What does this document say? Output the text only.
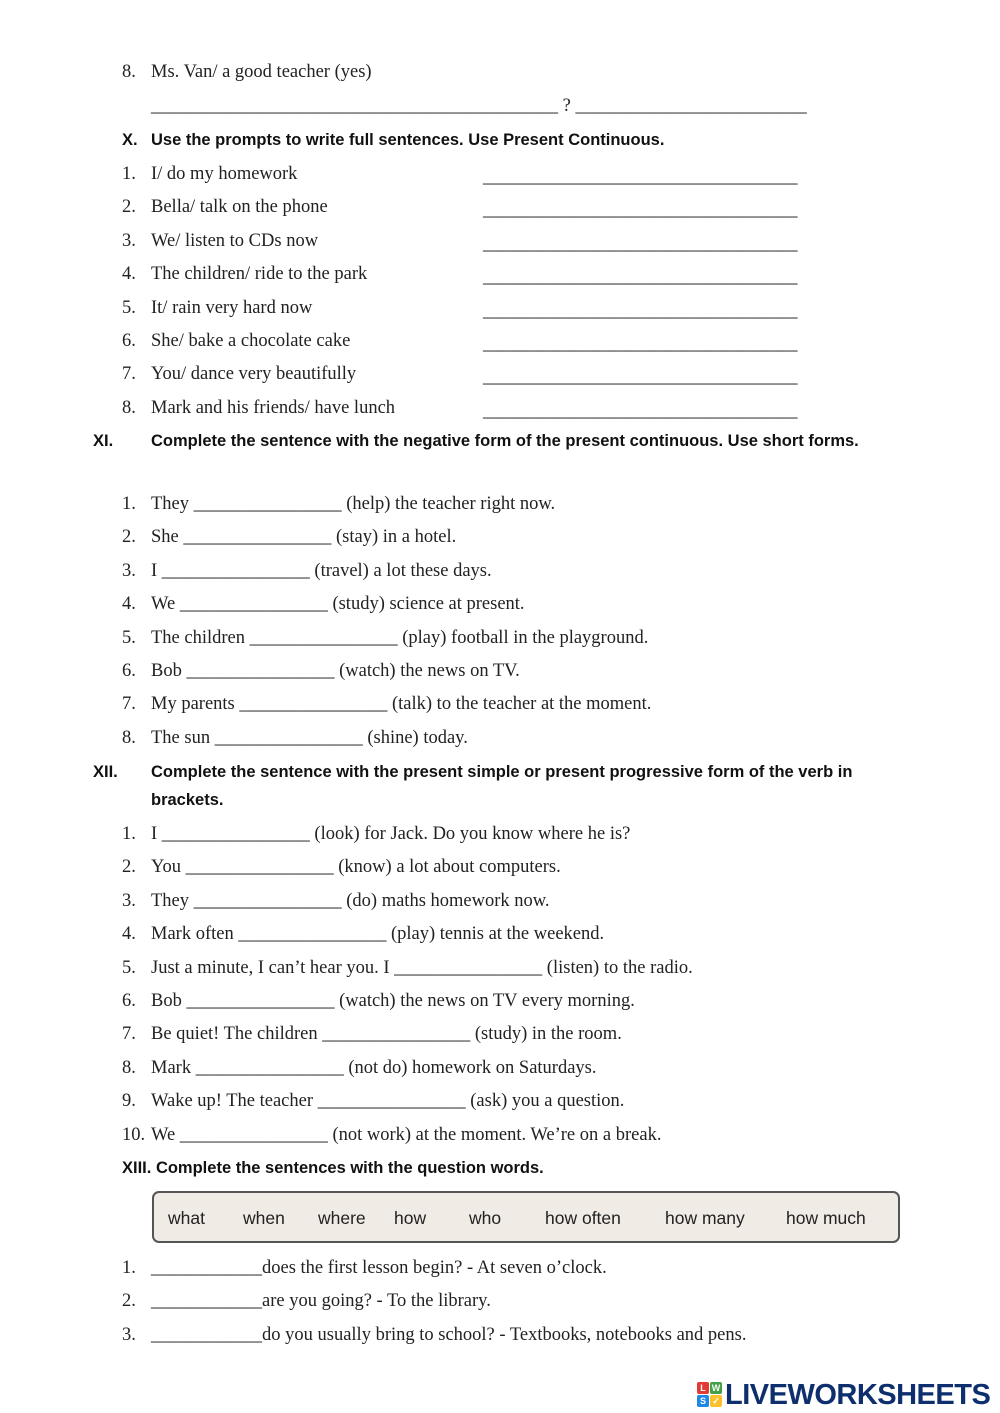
8. Ms. Van/ a good teacher (yes)
____________________________________________ ? _________________________
X. Use the prompts to write full sentences. Use Present Continuous.
1. I/ do my homework	__________________________________
2. Bella/ talk on the phone	__________________________________
3. We/ listen to CDs now	__________________________________
4. The children/ ride to the park	__________________________________
5. It/ rain very hard now	__________________________________
6. She/ bake a chocolate cake	__________________________________
7. You/ dance very beautifully	__________________________________
8. Mark and his friends/ have lunch	__________________________________
XI. Complete the sentence with the negative form of the present continuous. Use short forms.
1. They ________________ (help) the teacher right now.
2. She ________________ (stay) in a hotel.
3. I ________________ (travel) a lot these days.
4. We ________________ (study) science at present.
5. The children ________________ (play) football in the playground.
6. Bob ________________ (watch) the news on TV.
7. My parents ________________ (talk) to the teacher at the moment.
8. The sun ________________ (shine) today.
XII. Complete the sentence with the present simple or present progressive form of the verb in brackets.
1. I ________________ (look) for Jack. Do you know where he is?
2. You ________________ (know) a lot about computers.
3. They ________________ (do) maths homework now.
4. Mark often ________________ (play) tennis at the weekend.
5. Just a minute, I can’t hear you. I ________________ (listen) to the radio.
6. Bob ________________ (watch) the news on TV every morning.
7. Be quiet! The children ________________ (study) in the room.
8. Mark ________________ (not do) homework on Saturdays.
9. Wake up! The teacher ________________ (ask) you a question.
10. We ________________ (not work) at the moment. We’re on a break.
XIII. Complete the sentences with the question words.
what when where how who	how often	how many how much
1. ____________does the first lesson begin? - At seven o’clock.
2. ____________are you going? - To the library.
3. ____________do you usually bring to school? - Textbooks, notebooks and pens.
L W
S ✓ LIVEWORKSHEETS
